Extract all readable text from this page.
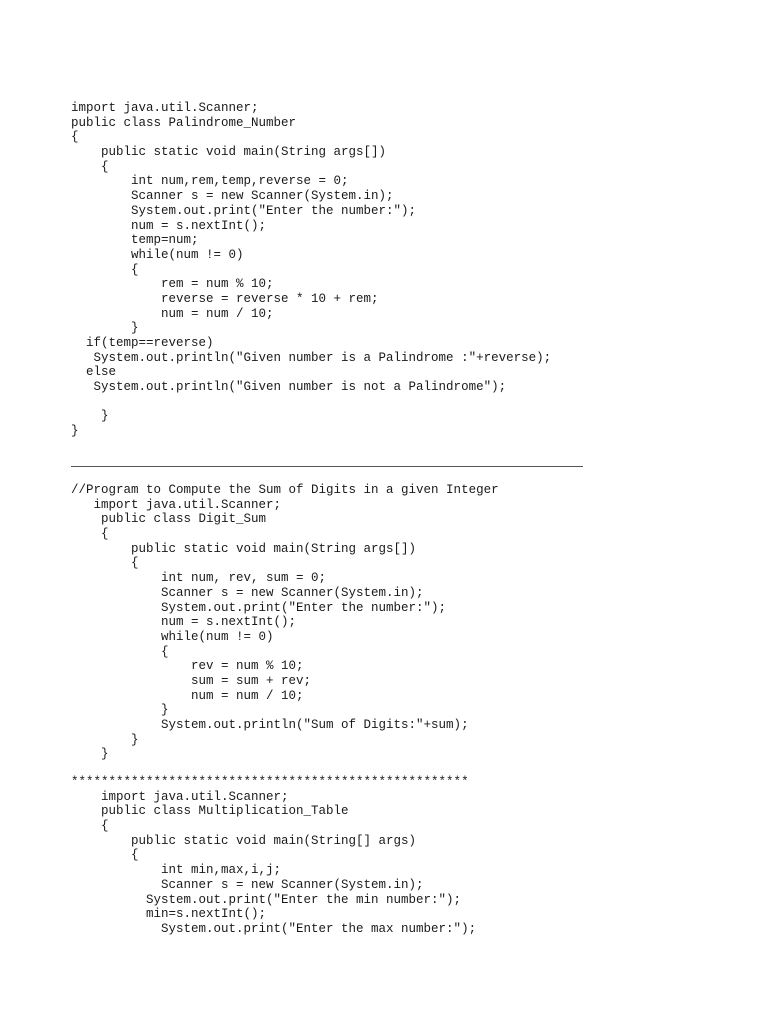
import java.util.Scanner;
public class Palindrome_Number
{
public static void main(String args[])
{
int num,rem,temp,reverse = 0;
Scanner s = new Scanner(System.in);
System.out.print("Enter the number:");
num = s.nextInt();
temp=num;
while(num != 0)
{
rem = num % 10;
reverse = reverse * 10 + rem;
num = num / 10;
}
if(temp==reverse)
System.out.println("Given number is a Palindrome :"+reverse);
else
System.out.println("Given number is not a Palindrome");
}
}
//Program to Compute the Sum of Digits in a given Integer
import java.util.Scanner;
public class Digit_Sum
{
public static void main(String args[])
{
int num, rev, sum = 0;
Scanner s = new Scanner(System.in);
System.out.print("Enter the number:");
num = s.nextInt();
while(num != 0)
{
rev = num % 10;
sum = sum + rev;
num = num / 10;
}
System.out.println("Sum of Digits:"+sum);
}
}
*****************************************************
import java.util.Scanner;
public class Multiplication_Table
{
public static void main(String[] args)
{
int min,max,i,j;
Scanner s = new Scanner(System.in);
System.out.print("Enter the min number:");
min=s.nextInt();
System.out.print("Enter the max number:");
